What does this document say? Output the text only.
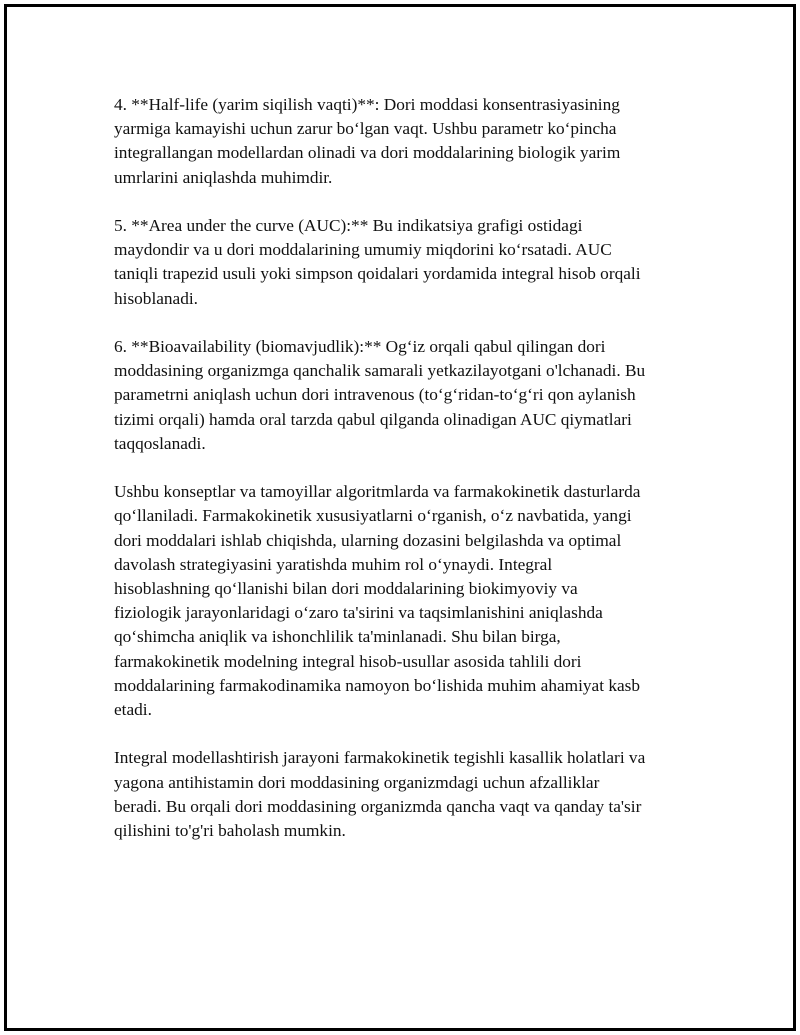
4. **Half-life (yarim siqilish vaqti)**: Dori moddasi konsentrasiyasining
yarmiga kamayishi uchun zarur bo‘lgan vaqt. Ushbu parametr ko‘pincha
integrallangan modellardan olinadi va dori moddalarining biologik yarim
umrlarini aniqlashda muhimdir.

5. **Area under the curve (AUC):** Bu indikatsiya grafigi ostidagi
maydondir va u dori moddalarining umumiy miqdorini ko‘rsatadi. AUC
taniqli trapezid usuli yoki simpson qoidalari yordamida integral hisob orqali
hisoblanadi.

6. **Bioavailability (biomavjudlik):** Og‘iz orqali qabul qilingan dori
moddasining organizmga qanchalik samarali yetkazilayotgani o'lchanadi. Bu
parametrni aniqlash uchun dori intravenous (to‘g‘ridan-to‘g‘ri qon aylanish
tizimi orqali) hamda oral tarzda qabul qilganda olinadigan AUC qiymatlari
taqqoslanadi.

Ushbu konseptlar va tamoyillar algoritmlarda va farmakokinetik dasturlarda
qo‘llaniladi. Farmakokinetik xususiyatlarni o‘rganish, o‘z navbatida, yangi
dori moddalari ishlab chiqishda, ularning dozasini belgilashda va optimal
davolash strategiyasini yaratishda muhim rol o‘ynaydi. Integral
hisoblashning qo‘llanishi bilan dori moddalarining biokimyoviy va
fiziologik jarayonlaridagi o‘zaro ta'sirini va taqsimlanishini aniqlashda
qo‘shimcha aniqlik va ishonchlilik ta'minlanadi. Shu bilan birga,
farmakokinetik modelning integral hisob-usullar asosida tahlili dori
moddalarining farmakodinamika namoyon bo‘lishida muhim ahamiyat kasb
etadi.

Integral modellashtirish jarayoni farmakokinetik tegishli kasallik holatlari va
yagona antihistamin dori moddasining organizmdagi uchun afzalliklar
beradi. Bu orqali dori moddasining organizmda qancha vaqt va qanday ta'sir
qilishini to'g'ri baholash mumkin.
